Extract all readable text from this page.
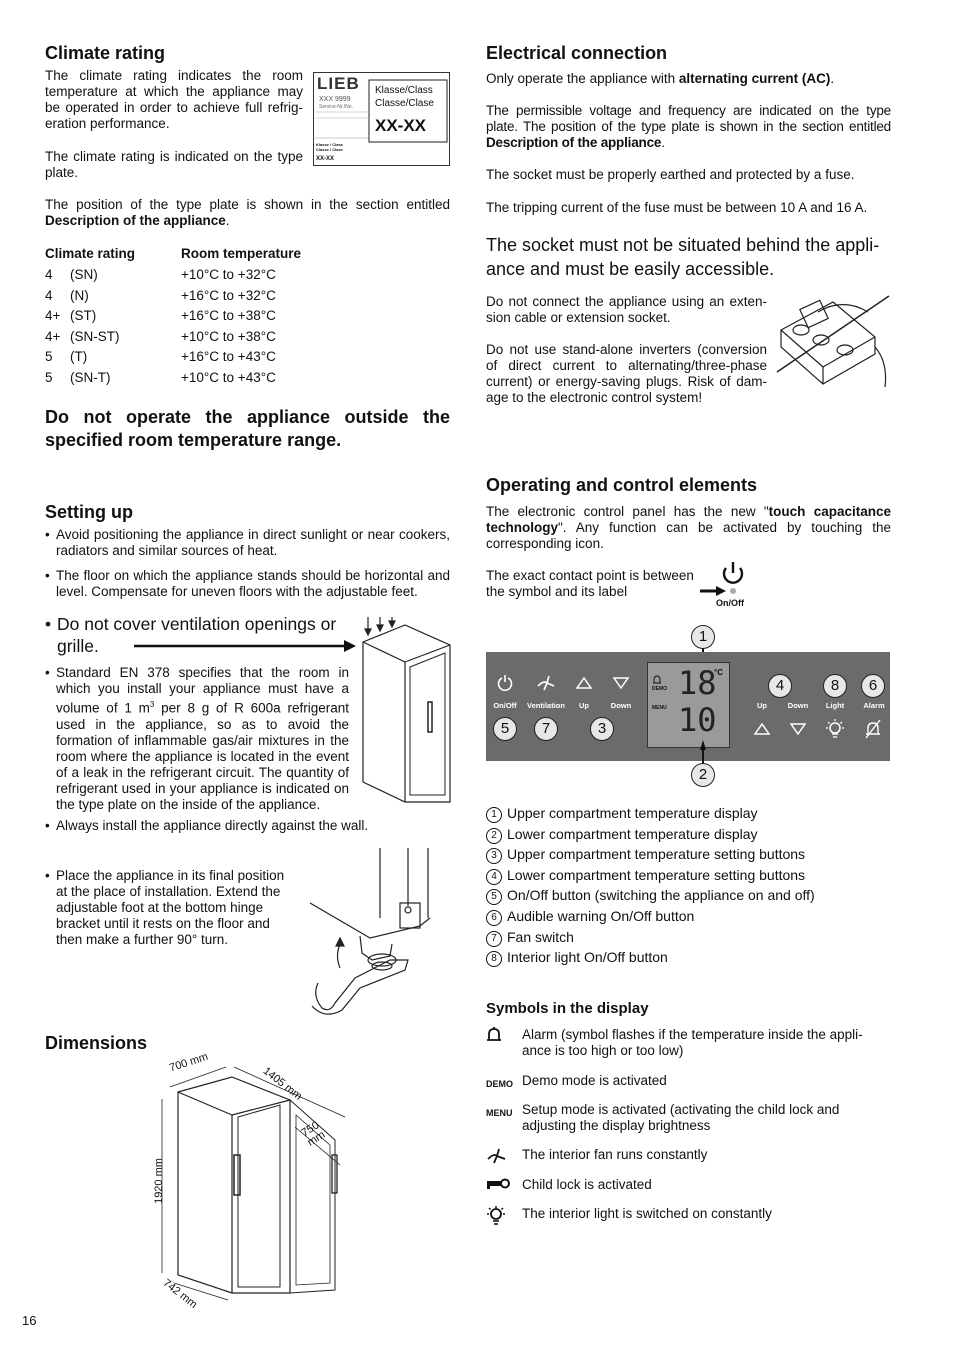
Climate rating

The climate rating indicates the room temperature at which the appliance may be operated in order to achieve full refrig-eration performance.

The climate rating is indicated on the type plate.

LIEB
XXX 9999
Service-Nr./No.
Klasse/Class
Classe/Clase
XX-XX
Klasse / Class
Classe / Clase
XX-XX

The position of the type plate is shown in the section entitled Description of the appliance.

Climate rating		Room temperature
4	(SN)	+10°C to +32°C
4	(N)	+16°C to +32°C
4+	(ST)	+16°C to +38°C
4+	(SN-ST)	+10°C to +38°C
5	(T)	+16°C to +43°C
5	(SN-T)	+10°C to +43°C

Do not operate the appliance outside the specified room temperature range.

Setting up
• Avoid positioning the appliance in direct sunlight or near cookers, radiators and similar sources of heat.
• The floor on which the appliance stands should be horizontal and level. Compensate for uneven floors with the adjustable feet.
• Do not cover ventilation openings or grille.
• Standard EN 378 specifies that the room in which you install your appliance must have a volume of 1 $m^3$ per 8 g of R 600a refrigerant used in the appliance, so as to avoid the formation of inflammable gas/air mixtures in the room where the appliance is located in the event of a leak in the refrigerant circuit. The quantity of refrigerant used in your appliance is indicated on the type plate on the inside of the appliance.
• Always install the appliance directly against the wall.
• Place the appliance in its final position at the place of installation. Extend the adjustable foot at the bottom hinge bracket until it rests on the floor and then make a further 90° turn.
Dimensions
700 mm
1405 mm
750 mm
1920 mm
742 mm
16
Electrical connection

Only operate the appliance with alternating current (AC).

The permissible voltage and frequency are indicated on the type plate. The position of the type plate is shown in the section entitled Description of the appliance.

The socket must be properly earthed and protected by a fuse.

The tripping current of the fuse must be between 10 A and 16 A.

The socket must not be situated behind the appli-ance and must be easily accessible.

Do not connect the appliance using an exten-sion cable or extension socket.

Do not use stand-alone inverters (conversion of direct current to alternating/three-phase current) or energy-saving plugs. Risk of dam-age to the electronic control system!

Operating and control elements

The electronic control panel has the new "touch capacitance technology". Any function can be activated by touching the corresponding icon.

The exact contact point is between the symbol and its label

On/Off
1
On/Off	Ventilation	Up	Down
5	7	3
DEMO
MENU
°C
18
10
4	8	6
Up	Down	Light	Alarm
2
1 Upper compartment temperature display
2 Lower compartment temperature display
3 Upper compartment temperature setting buttons
4 Lower compartment temperature setting buttons
5 On/Off button (switching the appliance on and off)
6 Audible warning On/Off button
7 Fan switch
8 Interior light On/Off button
Symbols in the display
Alarm (symbol flashes if the temperature inside the appli-ance is too high or too low)
DEMO Demo mode is activated
MENU Setup mode is activated (activating the child lock and adjusting the display brightness
The interior fan runs constantly
Child lock is activated
The interior light is switched on constantly
